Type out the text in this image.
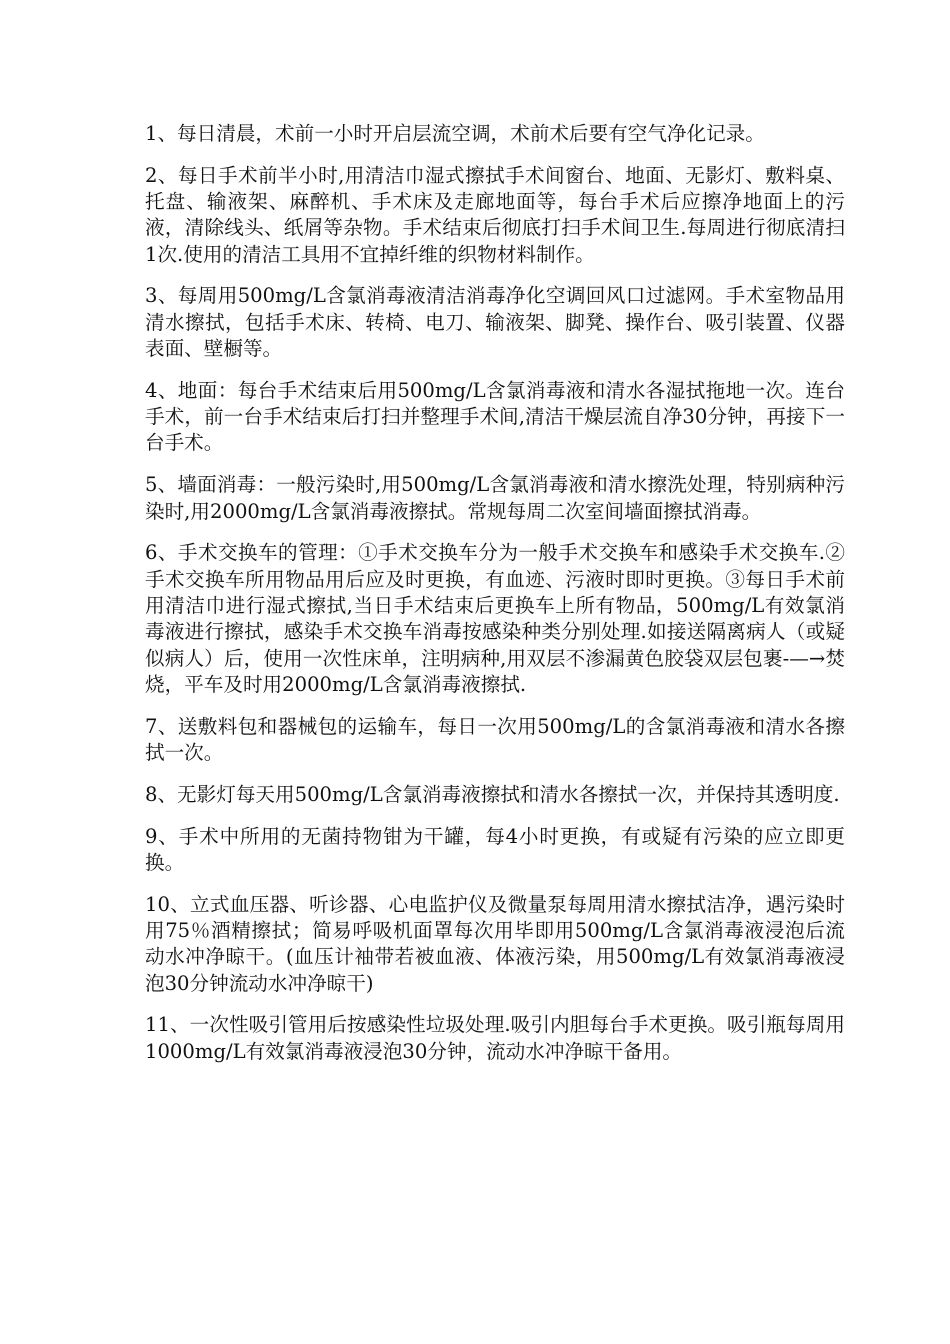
1、每日清晨，术前一小时开启层流空调，术前术后要有空气净化记录。

2、每日手术前半小时,用清洁巾湿式擦拭手术间窗台、地面、无影灯、敷料桌、托盘、输液架、麻醉机、手术床及走廊地面等，每台手术后应擦净地面上的污液，清除线头、纸屑等杂物。手术结束后彻底打扫手术间卫生.每周进行彻底清扫1次.使用的清洁工具用不宜掉纤维的织物材料制作。

3、每周用500mg/L含氯消毒液清洁消毒净化空调回风口过滤网。手术室物品用清水擦拭，包括手术床、转椅、电刀、输液架、脚凳、操作台、吸引装置、仪器表面、壁橱等。

4、地面：每台手术结束后用500mg/L含氯消毒液和清水各湿拭拖地一次。连台手术，前一台手术结束后打扫并整理手术间,清洁干燥层流自净30分钟，再接下一台手术。

5、墙面消毒：一般污染时,用500mg/L含氯消毒液和清水擦洗处理，特别病种污染时,用2000mg/L含氯消毒液擦拭。常规每周二次室间墙面擦拭消毒。

6、手术交换车的管理：①手术交换车分为一般手术交换车和感染手术交换车.②手术交换车所用物品用后应及时更换，有血迹、污液时即时更换。③每日手术前用清洁巾进行湿式擦拭,当日手术结束后更换车上所有物品，500mg/L有效氯消毒液进行擦拭，感染手术交换车消毒按感染种类分别处理.如接送隔离病人（或疑似病人）后，使用一次性床单，注明病种,用双层不渗漏黄色胶袋双层包裹-—→焚烧，平车及时用2000mg/L含氯消毒液擦拭.

7、送敷料包和器械包的运输车，每日一次用500mg/L的含氯消毒液和清水各擦拭一次。

8、无影灯每天用500mg/L含氯消毒液擦拭和清水各擦拭一次，并保持其透明度.

9、手术中所用的无菌持物钳为干罐，每4小时更换，有或疑有污染的应立即更换。

10、立式血压器、听诊器、心电监护仪及微量泵每周用清水擦拭洁净，遇污染时用75％酒精擦拭；简易呼吸机面罩每次用毕即用500mg/L含氯消毒液浸泡后流动水冲净晾干。(血压计袖带若被血液、体液污染，用500mg/L有效氯消毒液浸泡30分钟流动水冲净晾干)

11、一次性吸引管用后按感染性垃圾处理.吸引内胆每台手术更换。吸引瓶每周用1000mg/L有效氯消毒液浸泡30分钟，流动水冲净晾干备用。
